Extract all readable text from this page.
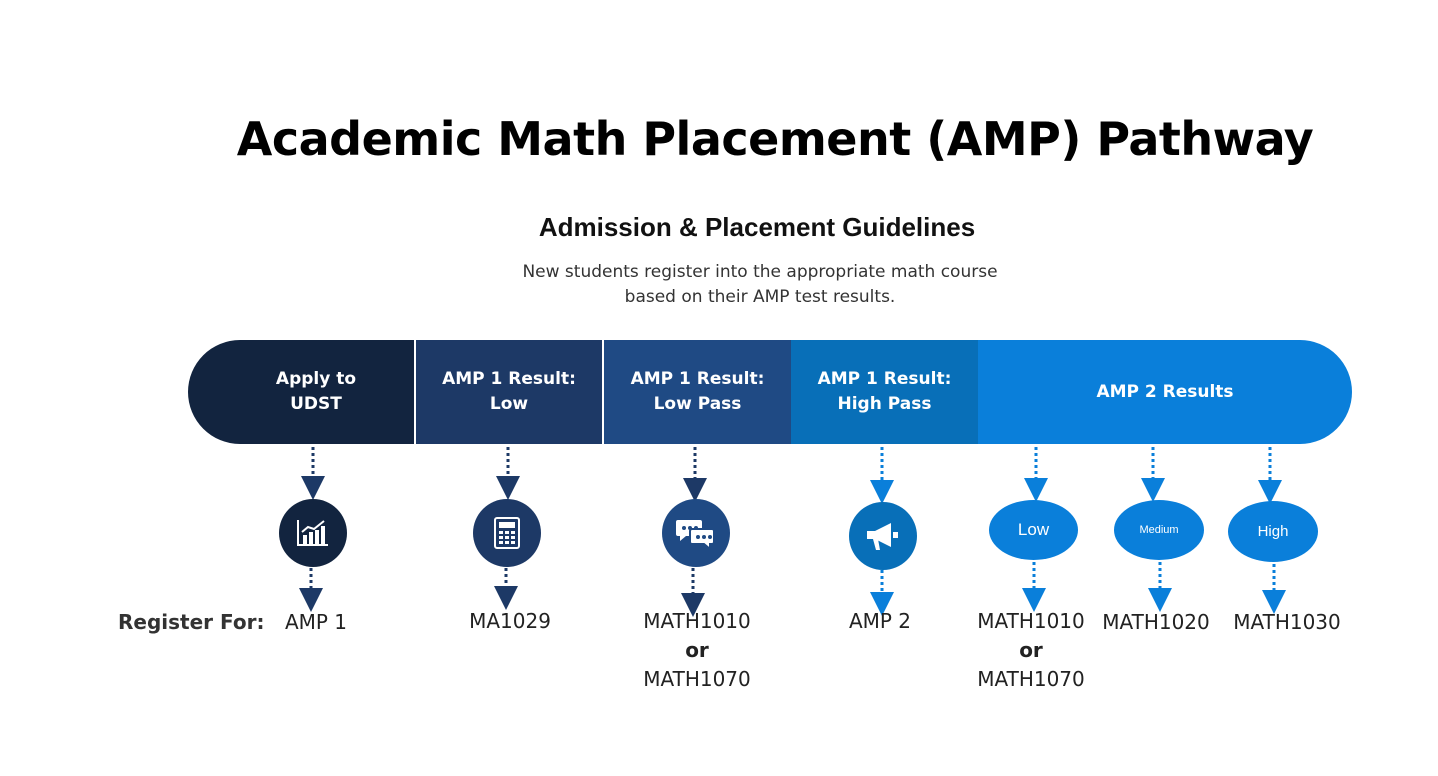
Academic Math Placement (AMP) Pathway
Admission & Placement Guidelines
New students register into the appropriate math course
based on their AMP test results.
Apply to
UDST
AMP 1 Result:
Low
AMP 1 Result:
Low Pass
AMP 1 Result:
High Pass
AMP 2 Results
Low	Medium	High
Register For:	AMP 1	MA1029	MATH1010
or
MATH1070
AMP 2	MATH1010
or
MATH1070
MATH1020	MATH1030
